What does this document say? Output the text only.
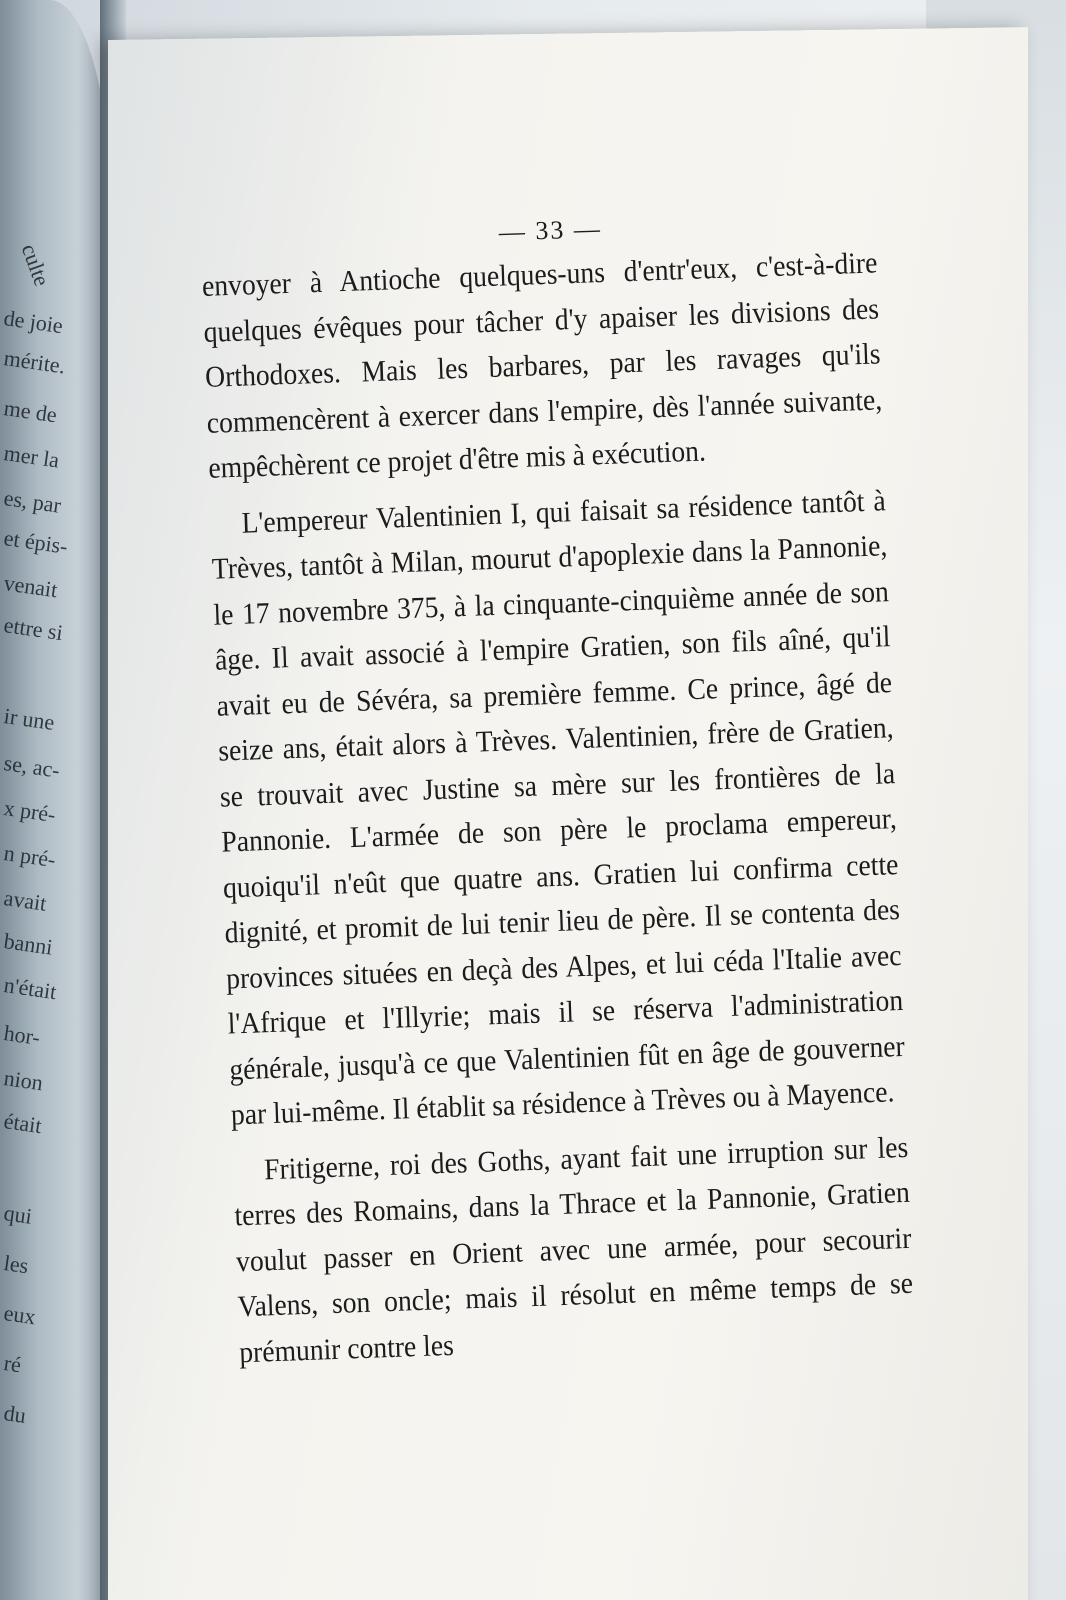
culte
de joie
mérite.
me de
mer la
es, par
et épis-
venait
ettre si
ir une
se, ac-
x pré-
n pré-
avait
banni
n'était
hor-
nion
était
qui
les
eux
ré
du
— 33 —

envoyer à Antioche quelques-uns d'entr'eux, c'est-à-dire quelques évêques pour tâcher d'y apaiser les divisions des Orthodoxes. Mais les barbares, par les ravages qu'ils commencèrent à exercer dans l'empire, dès l'année suivante, empêchèrent ce projet d'être mis à exécution.

L'empereur Valentinien I, qui faisait sa résidence tantôt à Trèves, tantôt à Milan, mourut d'apoplexie dans la Pannonie, le 17 novembre 375, à la cinquante-cinquième année de son âge. Il avait associé à l'empire Gratien, son fils aîné, qu'il avait eu de Sévéra, sa première femme. Ce prince, âgé de seize ans, était alors à Trèves. Valentinien, frère de Gratien, se trouvait avec Justine sa mère sur les frontières de la Pannonie. L'armée de son père le proclama empereur, quoiqu'il n'eût que quatre ans. Gratien lui confirma cette dignité, et promit de lui tenir lieu de père. Il se contenta des provinces situées en deçà des Alpes, et lui céda l'Italie avec l'Afrique et l'Illyrie; mais il se réserva l'administration générale, jusqu'à ce que Valentinien fût en âge de gouverner par lui-même. Il établit sa résidence à Trèves ou à Mayence.

Fritigerne, roi des Goths, ayant fait une irruption sur les terres des Romains, dans la Thrace et la Pannonie, Gratien voulut passer en Orient avec une armée, pour secourir Valens, son oncle; mais il résolut en même temps de se prémunir contre les
